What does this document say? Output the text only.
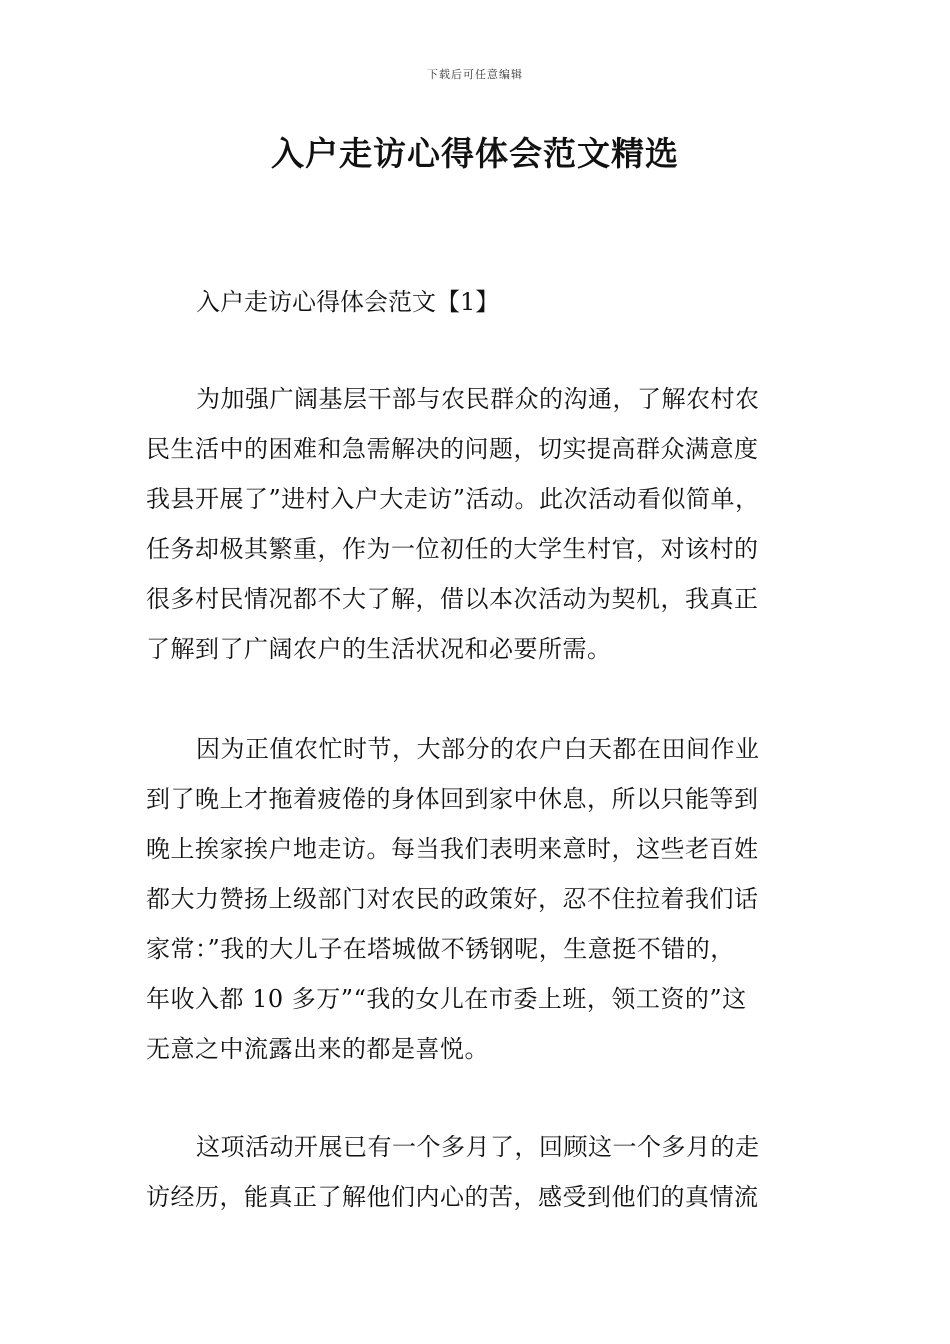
下载后可任意编辑
入户走访心得体会范文精选
入户走访心得体会范文【1】
为加强广阔基层干部与农民群众的沟通，了解农村农
民生活中的困难和急需解决的问题，切实提高群众满意度
我县开展了”进村入户大走访”活动。此次活动看似简单，
任务却极其繁重，作为一位初任的大学生村官，对该村的
很多村民情况都不大了解，借以本次活动为契机，我真正
了解到了广阔农户的生活状况和必要所需。
因为正值农忙时节，大部分的农户白天都在田间作业
到了晚上才拖着疲倦的身体回到家中休息，所以只能等到
晚上挨家挨户地走访。每当我们表明来意时，这些老百姓
都大力赞扬上级部门对农民的政策好，忍不住拉着我们话
家常：”我的大儿子在塔城做不锈钢呢，生意挺不错的，
年收入都 10 多万”“我的女儿在市委上班，领工资的”这
无意之中流露出来的都是喜悦。
这项活动开展已有一个多月了，回顾这一个多月的走
访经历，能真正了解他们内心的苦，感受到他们的真情流
